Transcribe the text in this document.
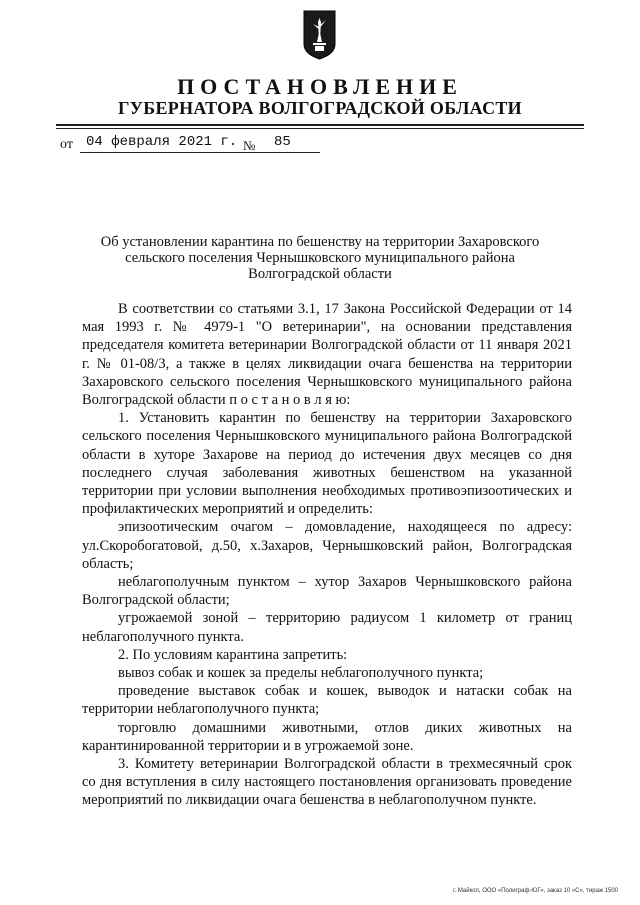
ПОСТАНОВЛЕНИЕ
ГУБЕРНАТОРА ВОЛГОГРАДСКОЙ ОБЛАСТИ
от 04 февраля 2021 г. № 85
Об установлении карантина по бешенству на территории Захаровского
сельского поселения Чернышковского муниципального района
Волгоградской области

В соответствии со статьями 3.1, 17 Закона Российской Федерации от 14 мая 1993 г. № 4979-1 "О ветеринарии", на основании представления председателя комитета ветеринарии Волгоградской области от 11 января 2021 г. № 01-08/3, а также в целях ликвидации очага бешенства на территории Захаровского сельского поселения Чернышковского муниципального района Волгоградской области п о с т а н о в л я ю:

1. Установить карантин по бешенству на территории Захаровского сельского поселения Чернышковского муниципального района Волгоградской области в хуторе Захарове на период до истечения двух месяцев со дня последнего случая заболевания животных бешенством на указанной территории при условии выполнения необходимых противоэпизоотических и профилактических мероприятий и определить:

эпизоотическим очагом – домовладение, находящееся по адресу: ул.Скоробогатовой, д.50, х.Захаров, Чернышковский район, Волгоградская область;

неблагополучным пунктом – хутор Захаров Чернышковского района Волгоградской области;

угрожаемой зоной – территорию радиусом 1 километр от границ неблагополучного пункта.

2. По условиям карантина запретить:

вывоз собак и кошек за пределы неблагополучного пункта;

проведение выставок собак и кошек, выводок и натаски собак на территории неблагополучного пункта;

торговлю домашними животными, отлов диких животных на карантинированной территории и в угрожаемой зоне.

3. Комитету ветеринарии Волгоградской области в трехмесячный срок со дня вступления в силу настоящего постановления организовать проведение мероприятий по ликвидации очага бешенства в неблагополучном пункте.

г. Майкоп, ООО «Полиграф-ЮГ», заказ 10 «С», тираж 1500
